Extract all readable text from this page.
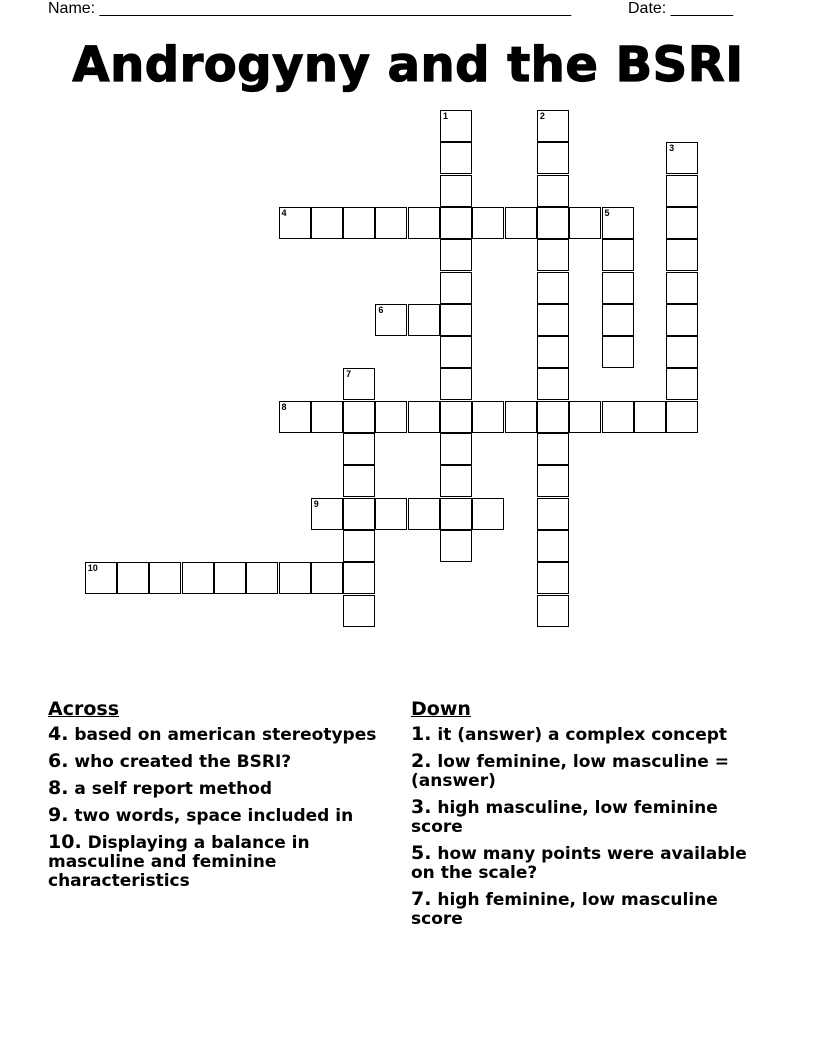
Name: _____________________________________________________	Date: _______
Androgyny and the BSRI
1	2
3
4	5
6
7
8
9
10
Across
4. based on american stereotypes
6. who created the BSRI?
8. a self report method
9. two words, space included in
10. Displaying a balance in masculine and feminine characteristics
Down
1. it (answer) a complex concept
2. low feminine, low masculine = (answer)
3. high masculine, low feminine score
5. how many points were available on the scale?
7. high feminine, low masculine score
